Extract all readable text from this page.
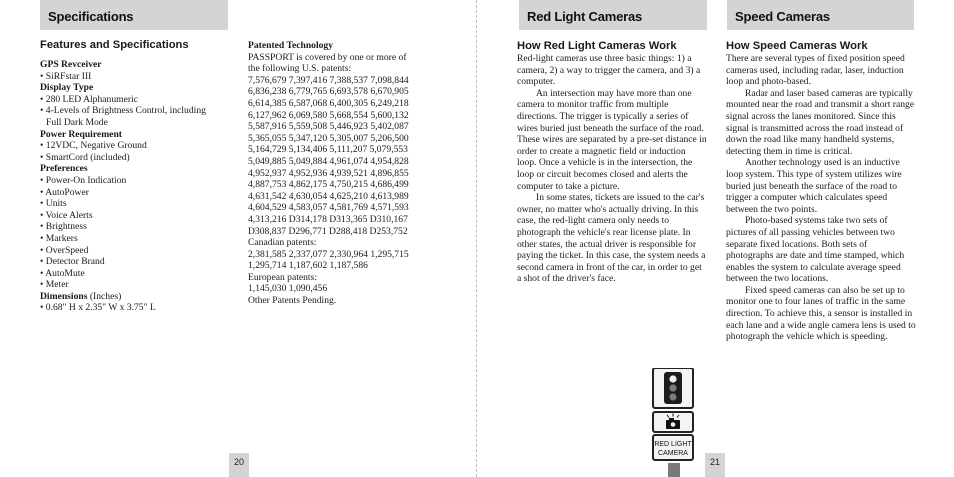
Specifications
Features and Specifications
GPS Revceiver
• SiRFstar III
Display Type
• 280 LED Alphanumeric
• 4-Levels of Brightness Control, including
Full Dark Mode
Power Requirement
• 12VDC, Negative Ground
• SmartCord (included)
Preferences
• Power-On Indication
• AutoPower
• Units
• Voice Alerts
• Brightness
• Markers
• OverSpeed
• Detector Brand
• AutoMute
• Meter
Dimensions (Inches)
• 0.68" H x 2.35" W x 3.75" L
Patented Technology
PASSPORT is covered by one or more of
the following U.S. patents:
7,576,679 7,397,416 7,388,537 7,098,844
6,836,238 6,779,765 6,693,578 6,670,905
6,614,385 6,587,068 6,400,305 6,249,218
6,127,962 6,069,580 5,668,554 5,600,132
5,587,916 5,559,508 5,446,923 5,402,087
5,365,055 5,347,120 5,305,007 5,206,500
5,164,729 5,134,406 5,111,207 5,079,553
5,049,885 5,049,884 4,961,074 4,954,828
4,952,937 4,952,936 4,939,521 4,896,855
4,887,753 4,862,175 4,750,215 4,686,499
4,631,542 4,630,054 4,625,210 4,613,989
4,604,529 4,583,057 4,581,769 4,571,593
4,313,216 D314,178 D313,365 D310,167
D308,837 D296,771 D288,418 D253,752
Canadian patents:
2,381,585 2,337,077 2,330,964 1,295,715
1,295,714 1,187,602 1,187,586
European patents:
1,145,030 1,090,456
Other Patents Pending.
20
Red Light Cameras	Speed Cameras
How Red Light Cameras Work

Red-light cameras use three basic things: 1) a camera, 2) a way to trigger the camera, and 3) a computer.

An intersection may have more than one camera to monitor traffic from multiple directions. The trigger is typically a series of wires buried just beneath the surface of the road. These wires are separated by a pre-set distance in order to create a magnetic field or induction loop. Once a vehicle is in the intersection, the loop or circuit becomes closed and alerts the computer to take a picture.

In some states, tickets are issued to the car's owner, no matter who's actually driving. In this case, the red-light camera only needs to photograph the vehicle's rear license plate. In other states, the actual driver is responsible for paying the ticket. In this case, the system needs a second camera in front of the car, in order to get a shot of the driver's face.

How Speed Cameras Work

There are several types of fixed position speed cameras used, including radar, laser, induction loop and photo-based.

Radar and laser based cameras are typically mounted near the road and transmit a short range signal across the lanes monitored. Since this signal is transmitted across the road instead of down the road like many handheld systems, detecting them in time is critical.

Another technology used is an inductive loop system. This type of system utilizes wire buried just beneath the surface of the road to trigger a computer which calculates speed between the two points.

Photo-based systems take two sets of pictures of all passing vehicles between two separate fixed locations. Both sets of photographs are date and time stamped, which enables the system to calculate average speed between the two locations.

Fixed speed cameras can also be set up to monitor one to four lanes of traffic in the same direction. To achieve this, a sensor is installed in each lane and a wide angle camera lens is used to photograph the vehicle which is speeding.

21
RED LIGHT
CAMERA
